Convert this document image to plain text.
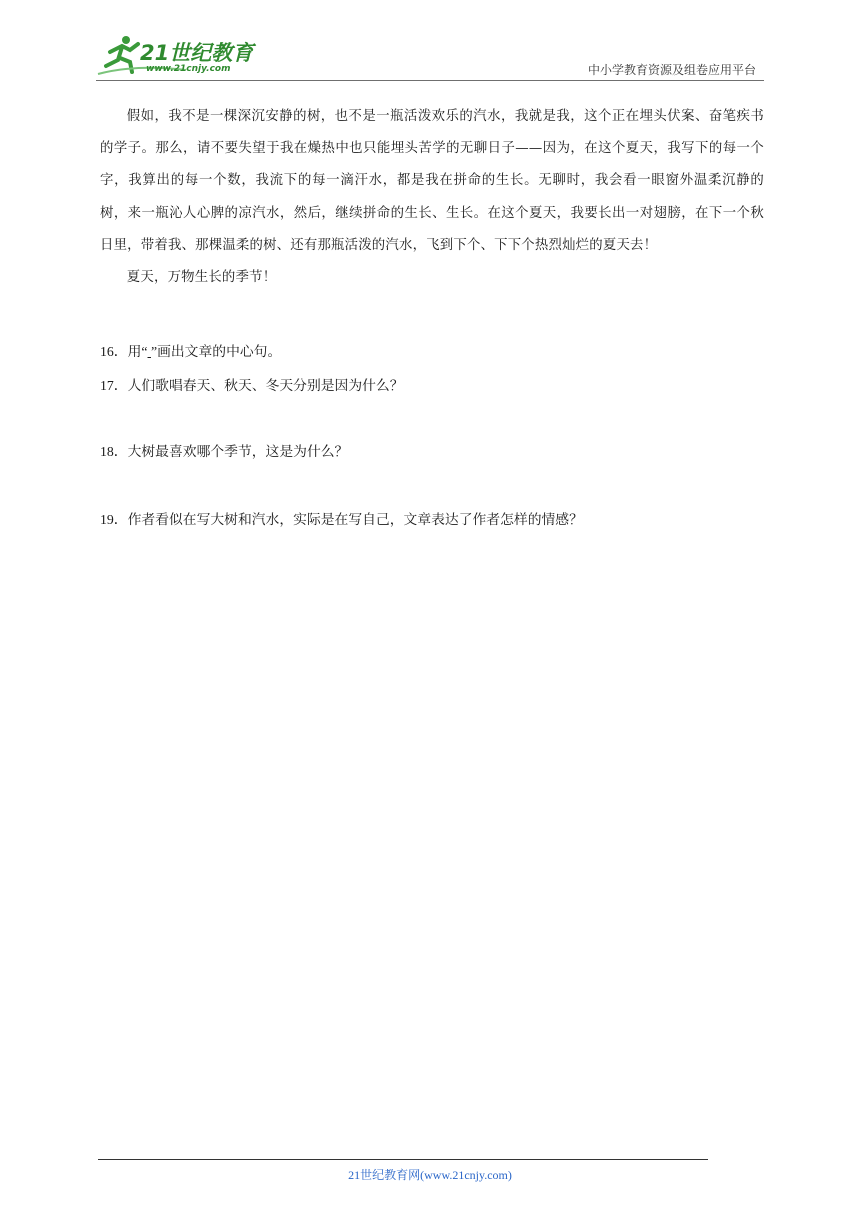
21世纪教育
www.21cnjy.com	中小学教育资源及组卷应用平台

假如，我不是一棵深沉安静的树，也不是一瓶活泼欢乐的汽水，我就是我，这个正在埋头伏案、奋笔疾书的学子。那么，请不要失望于我在燥热中也只能埋头苦学的无聊日子——因为，在这个夏天，我写下的每一个字，我算出的每一个数，我流下的每一滴汗水，都是我在拼命的生长。无聊时，我会看一眼窗外温柔沉静的树，来一瓶沁人心脾的凉汽水，然后，继续拼命的生长、生长。在这个夏天，我要长出一对翅膀，在下一个秋日里，带着我、那棵温柔的树、还有那瓶活泼的汽水，飞到下个、下下个热烈灿烂的夏天去！

夏天，万物生长的季节！

16．用“ ”画出文章的中心句。
17．人们歌唱春天、秋天、冬天分别是因为什么？
18．大树最喜欢哪个季节，这是为什么？
19．作者看似在写大树和汽水，实际是在写自己，文章表达了作者怎样的情感？
21世纪教育网(www.21cnjy.com)
